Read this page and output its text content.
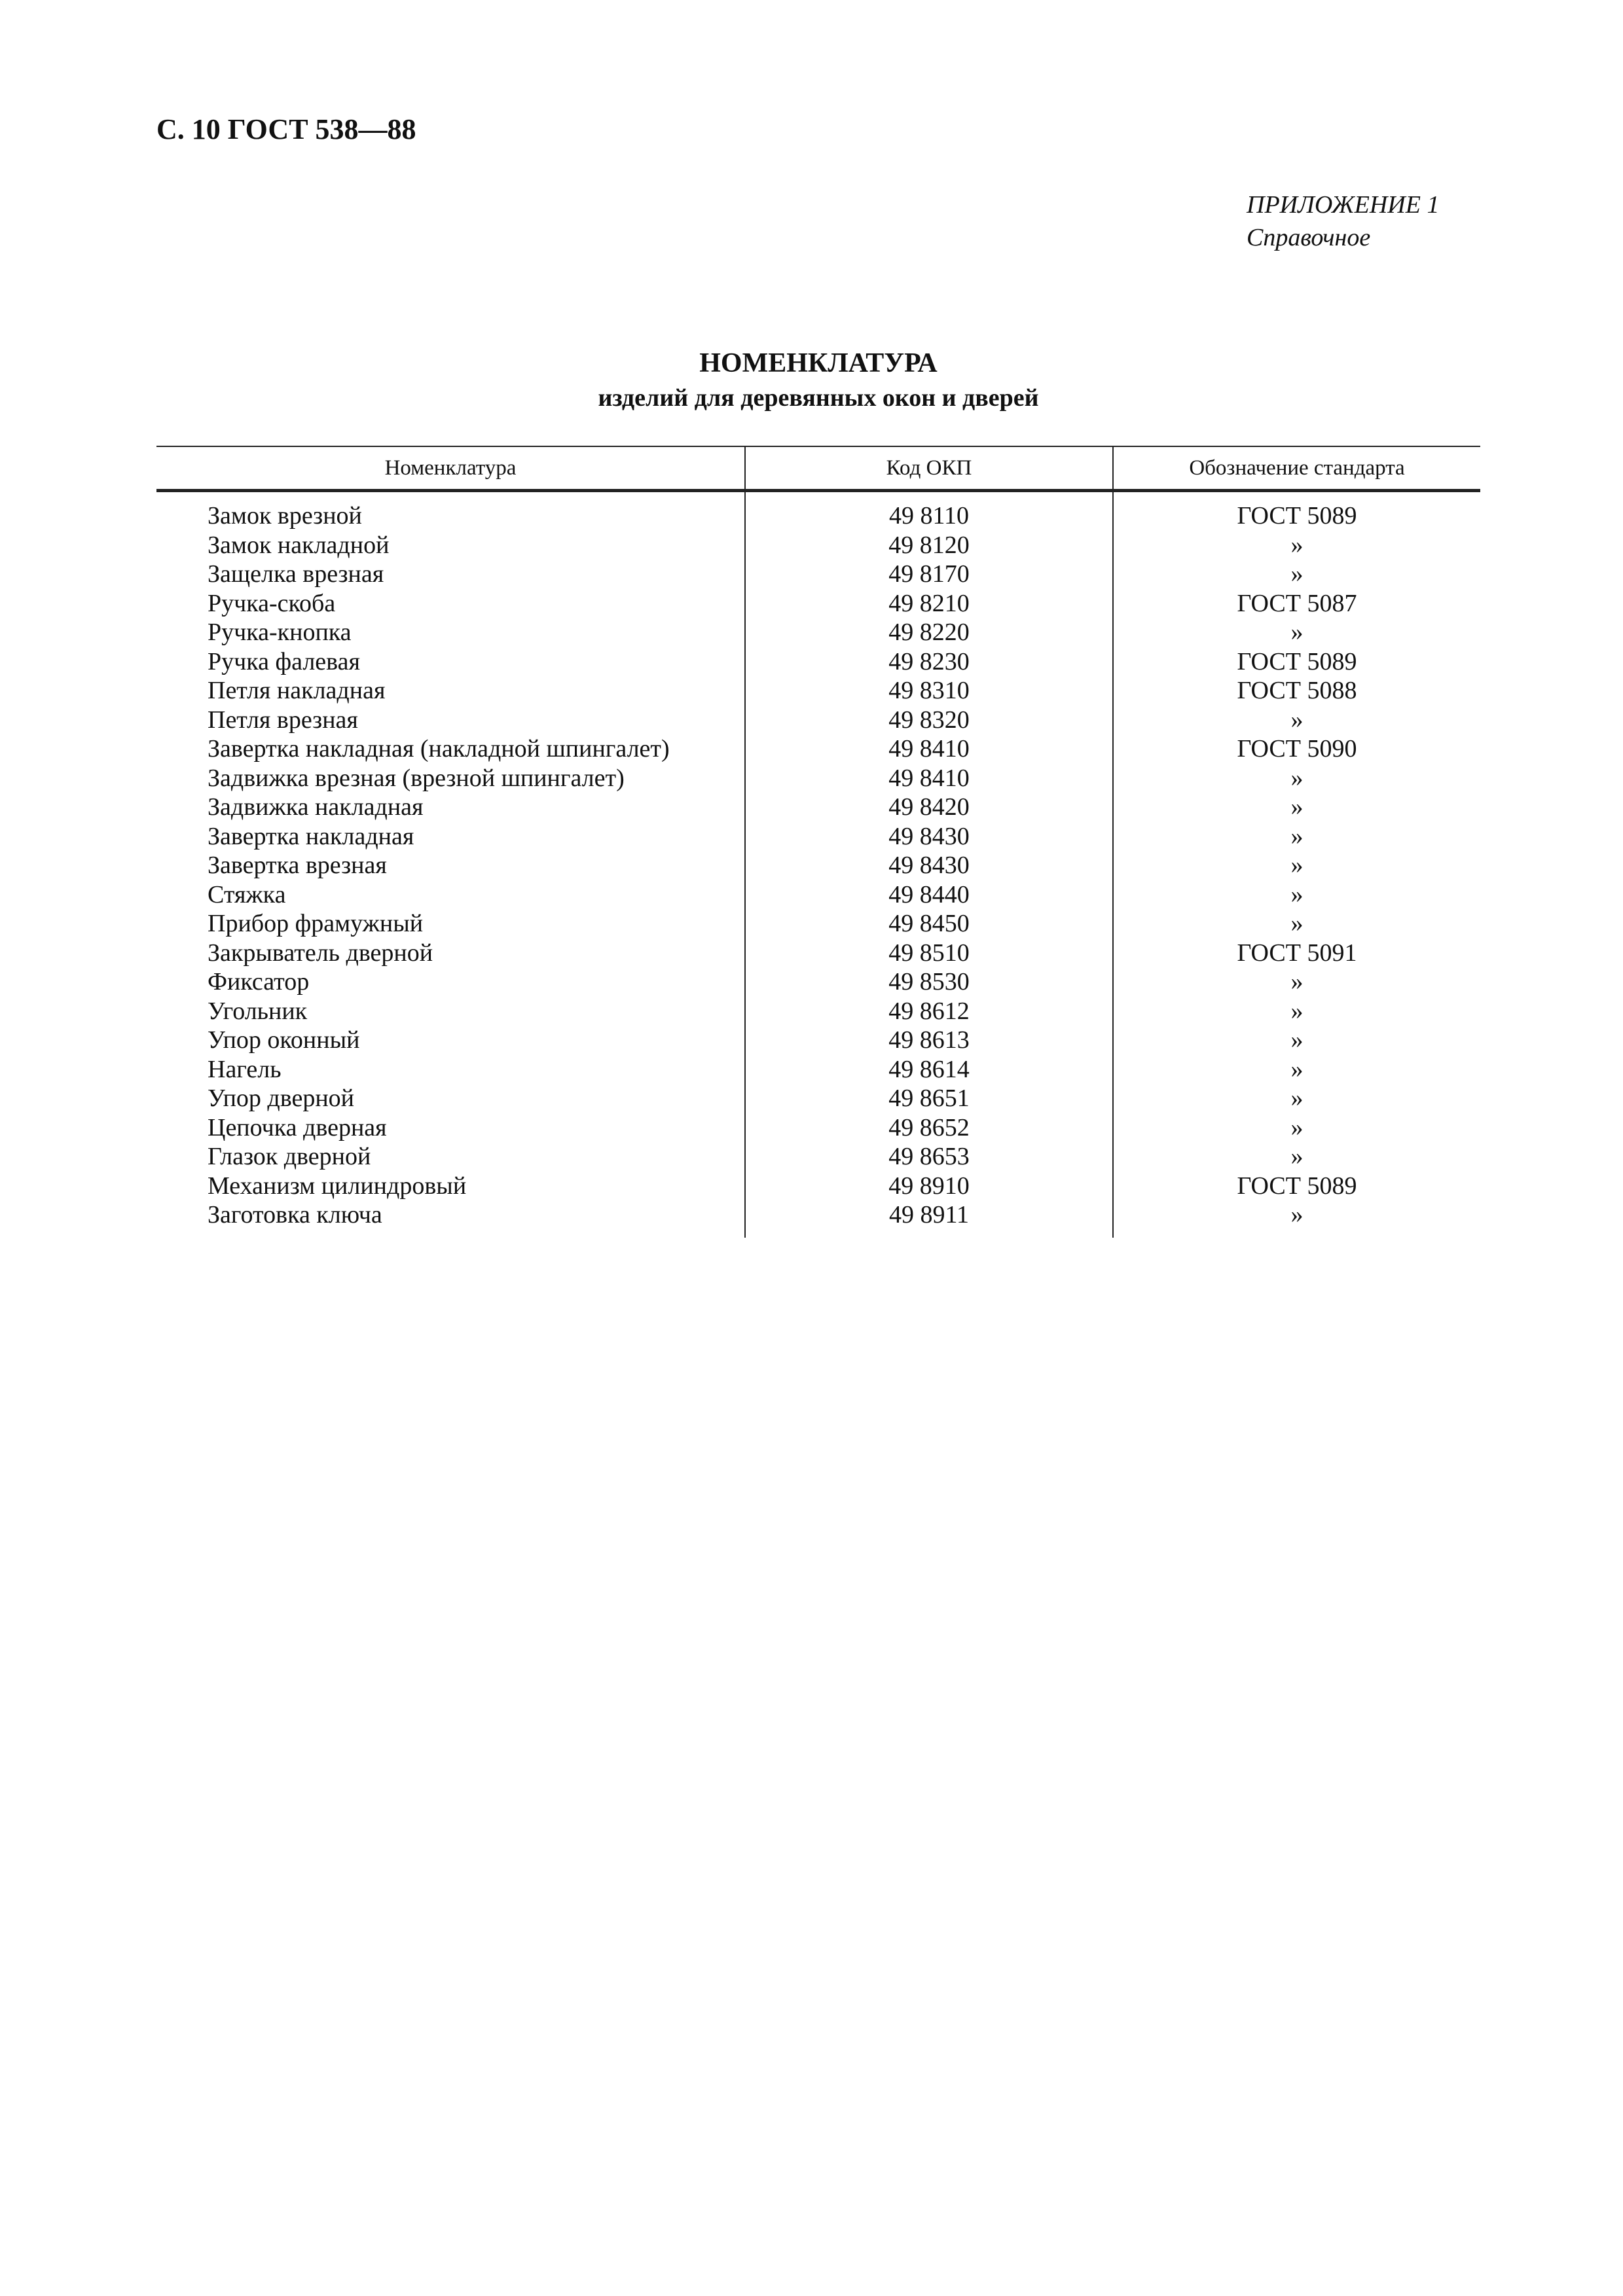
С. 10 ГОСТ 538—88
ПРИЛОЖЕНИЕ 1
Справочное
НОМЕНКЛАТУРА
изделий для деревянных окон и дверей
Номенклатура	Код ОКП	Обозначение стандарта
Замок врезной	49 8110	ГОСТ 5089
Замок накладной	49 8120	»
Защелка врезная	49 8170	»
Ручка-скоба	49 8210	ГОСТ 5087
Ручка-кнопка	49 8220	»
Ручка фалевая	49 8230	ГОСТ 5089
Петля накладная	49 8310	ГОСТ 5088
Петля врезная	49 8320	»
Завертка накладная (накладной шпингалет)	49 8410	ГОСТ 5090
Задвижка врезная (врезной шпингалет)	49 8410	»
Задвижка накладная	49 8420	»
Завертка накладная	49 8430	»
Завертка врезная	49 8430	»
Стяжка	49 8440	»
Прибор фрамужный	49 8450	»
Закрыватель дверной	49 8510	ГОСТ 5091
Фиксатор	49 8530	»
Угольник	49 8612	»
Упор оконный	49 8613	»
Нагель	49 8614	»
Упор дверной	49 8651	»
Цепочка дверная	49 8652	»
Глазок дверной	49 8653	»
Механизм цилиндровый	49 8910	ГОСТ 5089
Заготовка ключа	49 8911	»
